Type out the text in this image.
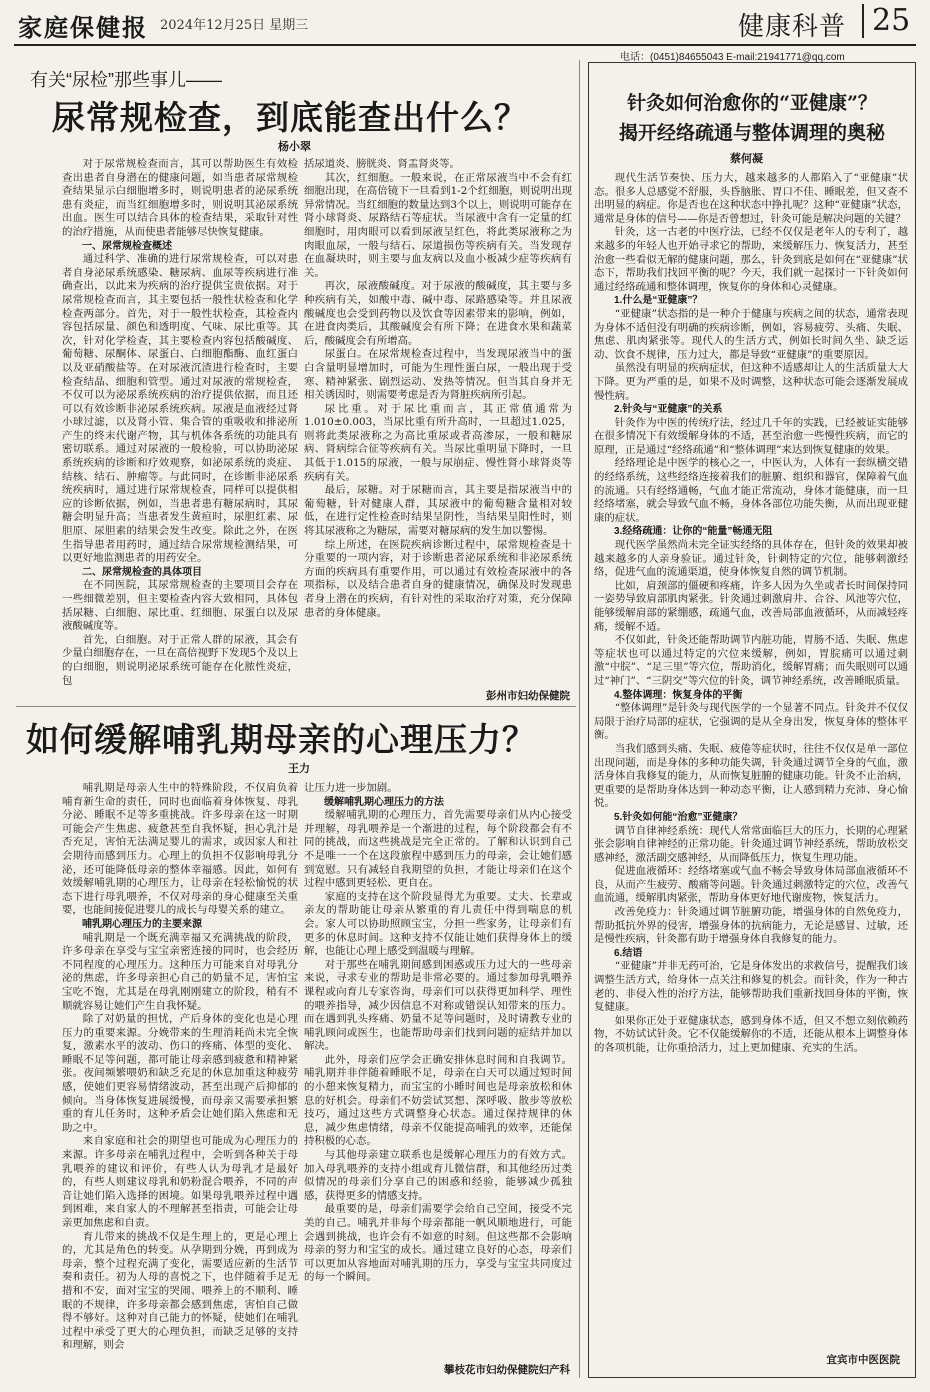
家庭保健报 2024年12月25日 星期三	健康科普 25
电话：(0451)84655043 E-mail:21941771@qq.com
有关“尿检”那些事儿——
尿常规检查，到底能查出什么？
杨小翠

对于尿常规检查而言，其可以帮助医生有效检查出患者自身潜在的健康问题，如当患者尿常规检查结果显示白细胞增多时，则说明患者的泌尿系统患有炎症，而当红细胞增多时，则说明其泌尿系统出血。医生可以结合具体的检查结果，采取针对性的治疗措施，从而使患者能够尽快恢复健康。

一、尿常规检查概述

通过科学、准确的进行尿常规检查，可以对患者自身泌尿系统感染、糖尿病、血尿等疾病进行准确查出，以此来为疾病的治疗提供宝贵依据。对于尿常规检查而言，其主要包括一般性状检查和化学检查两部分。首先，对于一般性状检查，其检查内容包括尿量、颜色和透明度、气味、尿比重等。其次，针对化学检查，其主要检查内容包括酸碱度、葡萄糖、尿酮体、尿蛋白、白细胞酯酶、血红蛋白以及亚硝酸盐等。在对尿液沉渣进行检查时，主要检查结晶、细胞和管型。通过对尿液的常规检查，不仅可以为泌尿系统疾病的治疗提供依据，而且还可以有效诊断非泌尿系统疾病。尿液是血液经过肾小球过滤，以及肾小管、集合管的重吸收和排泌所产生的终末代谢产物，其与机体各系统的功能具有密切联系。通过对尿液的一般检验，可以协助泌尿系统疾病的诊断和疗效观察，如泌尿系统的炎症、结核、结石、肿瘤等。与此同时，在诊断非泌尿系统疾病时，通过进行尿常规检查，同样可以提供相应的诊断依据，例如，当患者患有糖尿病时，其尿糖会明显升高；当患者发生黄疸时，尿胆红素、尿胆原、尿胆素的结果会发生改变。除此之外，在医生指导患者用药时，通过结合尿常规检测结果，可以更好地监测患者的用药安全。

二、尿常规检查的具体项目

在不同医院，其尿常规检查的主要项目会存在一些细微差别，但主要检查内容大致相同，具体包括尿糖、白细胞、尿比重、红细胞、尿蛋白以及尿液酸碱度等。

首先，白细胞。对于正常人群的尿液，其会有少量白细胞存在，一旦在高倍视野下发现5个及以上的白细胞，则说明泌尿系统可能存在化脓性炎症，包

括尿道炎、膀胱炎、肾盂肾炎等。

其次，红细胞。一般来说，在正常尿液当中不会有红细胞出现，在高倍镜下一旦看到1-2个红细胞，则说明出现异常情况。当红细胞的数量达到3个以上，则说明可能存在肾小球肾炎、尿路结石等症状。当尿液中含有一定量的红细胞时，用肉眼可以看到尿液呈红色，将此类尿液称之为肉眼血尿，一般与结石、尿道损伤等疾病有关。当发现存在血凝块时，则主要与血友病以及血小板减少症等疾病有关。

再次，尿液酸碱度。对于尿液的酸碱度，其主要与多种疾病有关，如酸中毒、碱中毒、尿路感染等。并且尿液酸碱度也会受到药物以及饮食等因素带来的影响，例如，在进食肉类后，其酸碱度会有所下降；在进食水果和蔬菜后，酸碱度会有所增高。

尿蛋白。在尿常规检查过程中，当发现尿液当中的蛋白含量明显增加时，可能为生理性蛋白尿，一般出现于受寒、精神紧张、剧烈运动、发热等情况。但当其自身并无相关诱因时，则需要考虑是否为肾脏疾病所引起。

尿比重。对于尿比重而言，其正常值通常为1.010±0.003，当尿比重有所升高时，一旦超过1.025，则将此类尿液称之为高比重尿或者高渗尿，一般和糖尿病、肾病综合征等疾病有关。当尿比重明显下降时，一旦其低于1.015的尿液，一般与尿崩症、慢性肾小球肾炎等疾病有关。

最后，尿糖。对于尿糖而言，其主要是指尿液当中的葡萄糖，针对健康人群，其尿液中的葡萄糖含量相对较低，在进行定性检查时结果呈阴性，当结果呈阳性时，则将其尿液称之为糖尿，需要对糖尿病的发生加以警惕。

综上所述，在医院疾病诊断过程中，尿常规检查是十分重要的一项内容，对于诊断患者泌尿系统和非泌尿系统方面的疾病具有重要作用，可以通过有效检查尿液中的各项指标，以及结合患者自身的健康情况，确保及时发现患者身上潜在的疾病，有针对性的采取治疗对策，充分保障患者的身体健康。

彭州市妇幼保健院
如何缓解哺乳期母亲的心理压力？
王力

哺乳期是母亲人生中的特殊阶段，不仅肩负着哺育新生命的责任，同时也面临着身体恢复、母乳分泌、睡眠不足等多重挑战。许多母亲在这一时期可能会产生焦虑、疲惫甚至自我怀疑，担心乳汁是否充足，害怕无法满足婴儿的需求，或因家人和社会期待而感到压力。心理上的负担不仅影响母乳分泌，还可能降低母亲的整体幸福感。因此，如何有效缓解哺乳期的心理压力，让母亲在轻松愉悦的状态下进行母乳喂养，不仅对母亲的身心健康至关重要，也能间接促进婴儿的成长与母婴关系的建立。

哺乳期心理压力的主要来源

哺乳期是一个既充满幸福又充满挑战的阶段，许多母亲在享受与宝宝亲密连接的同时，也会经历不同程度的心理压力。这种压力可能来自对母乳分泌的焦虑，许多母亲担心自己的奶量不足，害怕宝宝吃不饱，尤其是在母乳刚刚建立的阶段，稍有不顺就容易让她们产生自我怀疑。

除了对奶量的担忧，产后身体的变化也是心理压力的重要来源。分娩带来的生理消耗尚未完全恢复，激素水平的波动、伤口的疼痛、体型的变化、睡眠不足等问题，都可能让母亲感到疲惫和精神紧张。夜间频繁喂奶和缺乏充足的休息加重这种疲劳感，使她们更容易情绪波动，甚至出现产后抑郁的倾向。当身体恢复进展缓慢，而母亲又需要承担繁重的育儿任务时，这种矛盾会让她们陷入焦虑和无助之中。

来自家庭和社会的期望也可能成为心理压力的来源。许多母亲在哺乳过程中，会听到各种关于母乳喂养的建议和评价，有些人认为母乳才是最好的，有些人则建议母乳和奶粉混合喂养，不同的声音让她们陷入选择的困境。如果母乳喂养过程中遇到困难，来自家人的不理解甚至指责，可能会让母亲更加焦虑和自责。

育儿带来的挑战不仅是生理上的，更是心理上的，尤其是角色的转变。从孕期到分娩，再到成为母亲，整个过程充满了变化，需要适应新的生活节奏和责任。初为人母的喜悦之下，也伴随着手足无措和不安，面对宝宝的哭闹、喂养上的不顺利、睡眠的不规律，许多母亲都会感到焦虑，害怕自己做得不够好。这种对自己能力的怀疑，使她们在哺乳过程中承受了更大的心理负担，而缺乏足够的支持和理解，则会

让压力进一步加剧。

缓解哺乳期心理压力的方法

缓解哺乳期的心理压力，首先需要母亲们从内心接受并理解，母乳喂养是一个渐进的过程，每个阶段都会有不同的挑战，而这些挑战是完全正常的。了解和认识到自己不是唯一一个在这段旅程中感到压力的母亲，会让她们感到宽慰。只有减轻自我期望的负担，才能让母亲们在这个过程中感到更轻松、更自在。

家庭的支持在这个阶段显得尤为重要。丈夫、长辈或亲友的帮助能让母亲从繁重的育儿责任中得到喘息的机会。家人可以协助照顾宝宝，分担一些家务，让母亲们有更多的休息时间。这种支持不仅能让她们获得身体上的缓解，也能让心理上感受到温暖与理解。

对于那些在哺乳期间感到困惑或压力过大的一些母亲来说，寻求专业的帮助是非常必要的。通过参加母乳喂养课程或向育儿专家咨询，母亲们可以获得更加科学、理性的喂养指导，减少因信息不对称或错误认知带来的压力。而在遇到乳头疼痛、奶量不足等问题时，及时请教专业的哺乳顾问或医生，也能帮助母亲们找到问题的症结并加以解决。

此外，母亲们应学会正确安排休息时间和自我调节。哺乳期并非伴随着睡眠不足，母亲在白天可以通过短时间的小憩来恢复精力，而宝宝的小睡时间也是母亲放松和休息的好机会。母亲们不妨尝试冥想、深呼吸、散步等放松技巧，通过这些方式调整身心状态。通过保持规律的休息，减少焦虑情绪，母亲不仅能提高哺乳的效率，还能保持积极的心态。

与其他母亲建立联系也是缓解心理压力的有效方式。加入母乳喂养的支持小组或育儿微信群，和其他经历过类似情况的母亲们分享自己的困惑和经验，能够减少孤独感，获得更多的情感支持。

最重要的是，母亲们需要学会给自己空间，接受不完美的自己。哺乳并非每个母亲都能一帆风顺地进行，可能会遇到挑战，也许会有不如意的时刻。但这些都不会影响母亲的努力和宝宝的成长。通过建立良好的心态，母亲们可以更加从容地面对哺乳期的压力，享受与宝宝共同度过的每一个瞬间。

攀枝花市妇幼保健院妇产科
针灸如何治愈你的“亚健康”？
揭开经络疏通与整体调理的奥秘
蔡何凝

现代生活节奏快、压力大，越来越多的人都陷入了“亚健康”状态。很多人总感觉不舒服，头昏脑胀、胃口不佳、睡眠差，但又查不出明显的病症。你是否也在这种状态中挣扎呢？这种“亚健康”状态，通常是身体的信号——你是否曾想过，针灸可能是解决问题的关键？

针灸，这一古老的中医疗法，已经不仅仅是老年人的专利了，越来越多的年轻人也开始寻求它的帮助，来缓解压力、恢复活力，甚至治愈一些看似无解的健康问题，那么，针灸到底是如何在“亚健康”状态下，帮助我们找回平衡的呢？今天，我们就一起探讨一下针灸如何通过经络疏通和整体调理，恢复你的身体和心灵健康。

1.什么是“亚健康”？

“亚健康”状态指的是一种介于健康与疾病之间的状态，通常表现为身体不适但没有明确的疾病诊断，例如，容易疲劳、头痛、失眠、焦虑、肌肉紧张等。现代人的生活方式，例如长时间久坐、缺乏运动、饮食不规律，压力过大，都是导致“亚健康”的重要原因。

虽然没有明显的疾病症状，但这种不适感却让人的生活质量大大下降。更为严重的是，如果不及时调整，这种状态可能会逐渐发展成慢性病。

2.针灸与“亚健康”的关系

针灸作为中医的传统疗法，经过几千年的实践，已经被证实能够在很多情况下有效缓解身体的不适，甚至治愈一些慢性疾病，而它的原理，正是通过“经络疏通”和“整体调理”来达到恢复健康的效果。

经络理论是中医学的核心之一，中医认为，人体有一套纵横交错的经络系统，这些经络连接着我们的脏腑、组织和器官，保障着气血的流通。只有经络通畅，气血才能正常流动，身体才能健康，而一旦经络堵塞，就会导致气血不畅，身体各部位功能失衡，从而出现亚健康的症状。

3.经络疏通：让你的“能量”畅通无阻

现代医学虽然尚未完全证实经络的具体存在，但针灸的效果却被越来越多的人亲身验证。通过针灸，针刺特定的穴位，能够刺激经络，促进气血的流通渠道，使身体恢复自然的调节机制。

比如，肩颈部的僵硬和疼痛，许多人因为久坐或者长时间保持同一姿势导致肩部肌肉紧张。针灸通过刺激肩井、合谷、风池等穴位，能够缓解肩部的紧绷感，疏通气血，改善局部血液循环，从而减轻疼痛，缓解不适。

不仅如此，针灸还能帮助调节内脏功能，胃肠不适、失眠、焦虑等症状也可以通过特定的穴位来缓解，例如，胃脘痛可以通过刺激“中脘”、“足三里”等穴位，帮助消化，缓解胃痛；而失眠则可以通过“神门”、“三阴交”等穴位的针灸，调节神经系统，改善睡眠质量。

4.整体调理：恢复身体的平衡

“整体调理”是针灸与现代医学的一个显著不同点。针灸并不仅仅局限于治疗局部的症状，它强调的是从全身出发，恢复身体的整体平衡。

当我们感到头痛、失眠、疲倦等症状时，往往不仅仅是单一部位出现问题，而是身体的多种功能失调，针灸通过调节全身的气血，激活身体自我修复的能力，从而恢复脏腑的健康功能。针灸不止治病，更重要的是帮助身体达到一种动态平衡，让人感到精力充沛、身心愉悦。

5.针灸如何能“治愈”亚健康？

调节自律神经系统：现代人常常面临巨大的压力，长期的心理紧张会影响自律神经的正常功能。针灸通过调节神经系统，帮助放松交感神经，激活副交感神经，从而降低压力，恢复生理功能。

促进血液循环：经络堵塞或气血不畅会导致身体局部血液循环不良，从而产生疲劳、酸痛等问题。针灸通过刺激特定的穴位，改善气血流通，缓解肌肉紧张，帮助身体更好地代谢废物，恢复活力。

改善免疫力：针灸通过调节脏腑功能，增强身体的自然免疫力，帮助抵抗外界的侵害，增强身体的抗病能力，无论是感冒、过敏，还是慢性疾病，针灸都有助于增强身体自我修复的能力。

6.结语

“亚健康”并非无药可治，它是身体发出的求救信号，提醒我们该调整生活方式，给身体一点关注和修复的机会。而针灸，作为一种古老的、非侵入性的治疗方法，能够帮助我们重新找回身体的平衡，恢复健康。

如果你正处于亚健康状态，感到身体不适，但又不想立刻依赖药物，不妨试试针灸。它不仅能缓解你的不适，还能从根本上调整身体的各项机能，让你重拾活力，过上更加健康、充实的生活。

宜宾市中医医院
